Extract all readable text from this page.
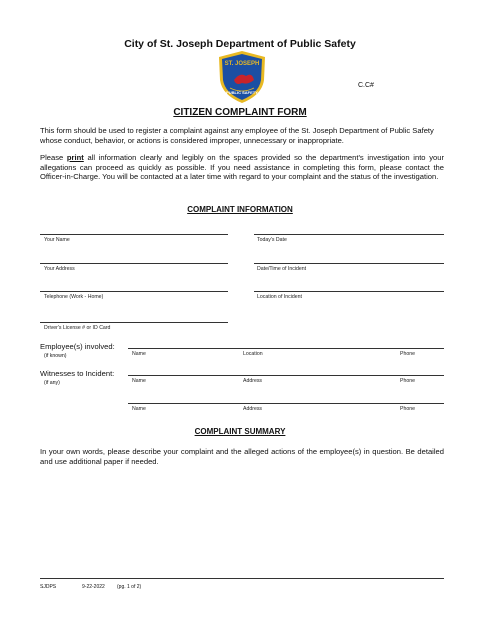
City of St. Joseph Department of Public Safety
ST. JOSEPH
PUBLIC SAFETY
C.C#
CITIZEN COMPLAINT FORM
This form should be used to register a complaint against any employee of the St. Joseph Department of Public Safety whose conduct, behavior, or actions is considered improper, unnecessary or inappropriate.
Please print all information clearly and legibly on the spaces provided so the department's investigation into your allegations can proceed as quickly as possible. If you need assistance in completing this form, please contact the Officer-in-Charge. You will be contacted at a later time with regard to your complaint and the status of the investigation.
COMPLAINT INFORMATION
Your Name	Today's Date
Your Address	Date/Time of Incident
Telephone (Work - Home)	Location of Incident
Driver's License # or ID Card
Employee(s) involved:
(if known)	Name	Location	Phone
Witnesses to Incident:
(if any)	Name	Address	Phone
Name	Address	Phone
COMPLAINT SUMMARY
In your own words, please describe your complaint and the alleged actions of the employee(s) in question. Be detailed and use additional paper if needed.
SJDPS	9-22-2022 (pg. 1 of 2)
